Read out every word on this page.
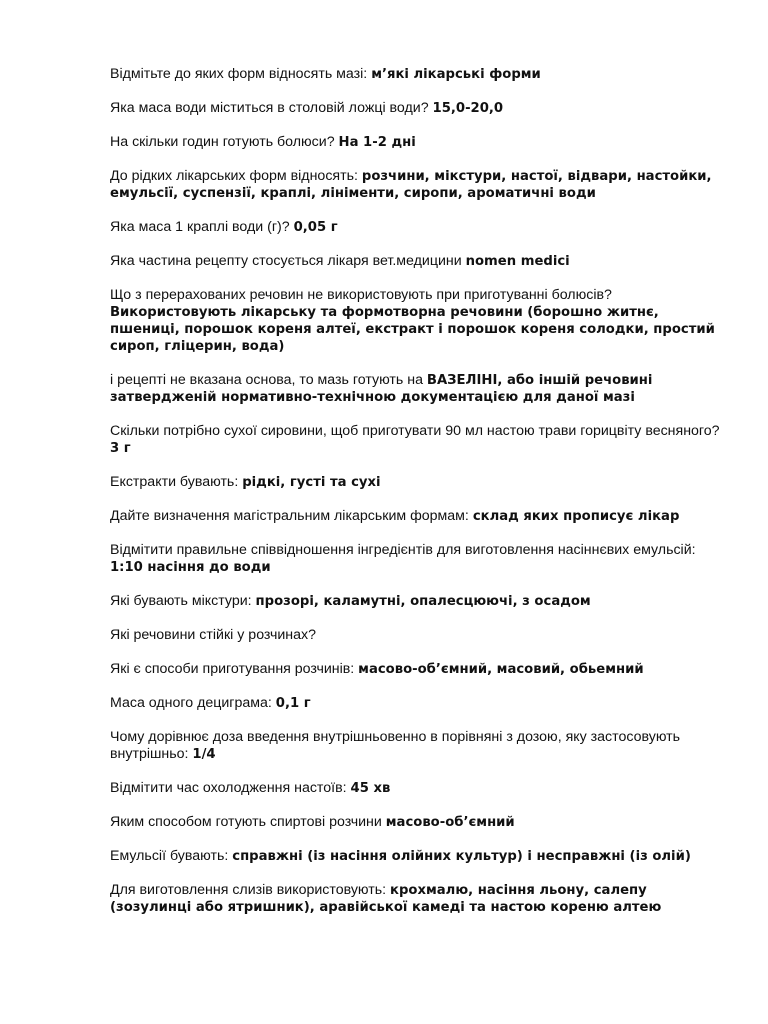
Відмітьте до яких форм відносять мазі: м’які лікарські форми

Яка маса води міститься в столовій ложці води? 15,0-20,0

На скільки годин готують болюси? На 1-2 дні

До рідких лікарських форм відносять: розчини, мікстури, настої, відвари, настойки, емульсії, суспензії, краплі, лініменти, сиропи, ароматичні води

Яка маса 1 краплі води (г)? 0,05 г

Яка частина рецепту стосується лікаря вет.медицини nomen medici

Що з перерахованих речовин не використовують при приготуванні болюсів? Використовують лікарську та формотворна речовини (борошно житнє, пшениці, порошок кореня алтеї, екстракт і порошок кореня солодки, простий сироп, гліцерин, вода)

і рецепті не вказана основа, то мазь готують на ВАЗЕЛІНІ, або іншій речовині затвердженій нормативно-технічною документацією для даної мазі

Скільки потрібно сухої сировини, щоб приготувати 90 мл настою трави горицвіту весняного? 3 г

Екстракти бувають: рідкі, густі та сухі

Дайте визначення магістральним лікарським формам: склад яких прописує лікар

Відмітити правильне співвідношення інгредієнтів для виготовлення насіннєвих емульсій: 1:10 насіння до води

Які бувають мікстури: прозорі, каламутні, опалесцюючі, з осадом

Які речовини стійкі у розчинах?

Які є способи приготування розчинів: масово-об’ємний, масовий, обьемний

Маса одного дециграма: 0,1 г

Чому дорівнює доза введення внутрішньовенно в порівняні з дозою, яку застосовують внутрішньо: 1/4

Відмітити час охолодження настоїв: 45 хв

Яким способом готують спиртові розчини масово-об’ємний

Емульсії бувають: справжні (із насіння олійних культур) і несправжні (із олій)

Для виготовлення слизів використовують: крохмалю, насіння льону, салепу (зозулинці або ятришник), аравійської камеді та настою кореню алтею
